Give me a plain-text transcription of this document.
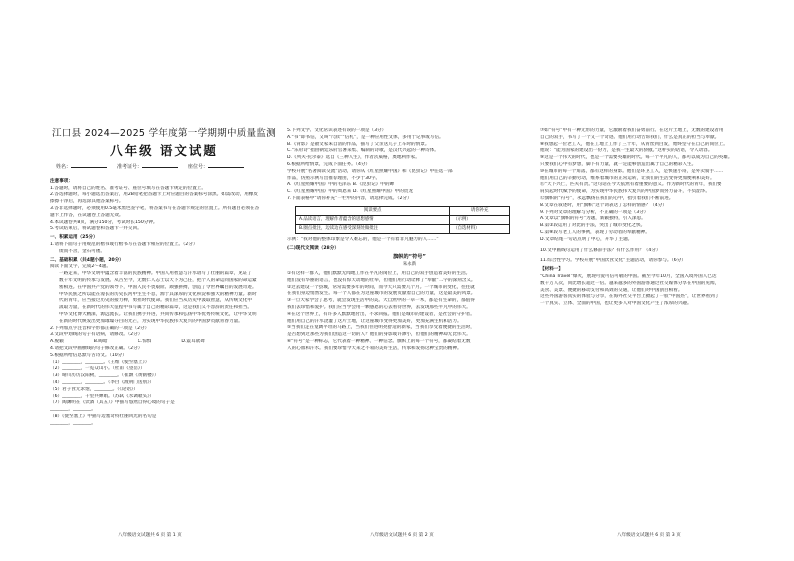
江口县 2024—2025 学年度第一学期期中质量监测
八年级 语文试题
姓名：	准考证号：	座位号：
注意事项：
1.答题时，请将自己的姓名、准考证号、座位号填写在答题卡规定的位置上。
2.答选择题时，每小题选出答案后，用2B铅笔把答题卡上对应题目的答案标号涂黑。如需改动，用橡皮
擦擦干净后，再选涂其他答案标号。
3.答非选择题时，必须使用0.5毫米黑色签字笔，将答案书写在答题卡规定的位置上。所有题目必须在答
题卡上作答，在试题卷上答题无效。
4.本试题卷共8页，满分150分，考试时长150分钟。
5.考试结束后，将试题卷和答题卡一并交回。
一、积累运用（25分）
1.请将下面句子用规范的楷书或行楷书写在答题卡相应的位置上。（2分）
锲而不舍，金石可镂。
二、基础积累（共4题小题，20分）
阅读下面文字，完成2～4题。
一路走来，中华文明中蕴含着丰富的民族精神。中国人用智慧与汗水谱写了壮丽的篇章，见证了
数千年文明的传承与发展。从古至今，无数仁人志士以天下为己任，把个人的命运同国家的命运紧
密相连。在中国共产党的领导下，中国人民不畏艰险、顽强拼搏，创造了令世界瞩目的发展奇迹。
中华民族之所以能在漫长的历史长河中生生不息，源于其深厚的文化积淀和强大的精神力量。新时
代的青年，应当接过历史的接力棒，勇担时代使命。我们应当从历史中汲取智慧，从传统文化中
汲取力量，在新时代的伟大征程中书写属于自己的精彩篇章，这是我们义不容辞的责任和担当。
中华文化博大精深，源远流长。让我们携手并进，共同传承和弘扬中华优秀传统文化，让中华文明
在新的时代焕发出更加璀璨夺目的光芒，为实现中华民族伟大复兴的中国梦贡献青春力量。
2.下列加点字注音和字形都正确的一项是（2分）
3.文段中划线的句子有语病，请修改。（2分）
A.脱颖	B.晦暗	C.惊惧	D.震耳欲聋
4.请把文段中画横线的句子修改正确。（2分）
5.根据所给信息默写古诗文。（10分）
（1）________，________。（王维《使至塞上》）
（2）________，一览众山小。（杜甫《望岳》）
（3）晴川历历汉阳树，________。（崔颢《黄鹤楼》）
（4）________，________。（李白《渡荆门送别》）
（5）君子食无求饱，________。（《论语》）
（6）________，千里共婵娟。（苏轼《水调歌头》）
（7）陶渊明在《饮酒（其五）》中描写悠然自得心境的句子是
________，________。
（8）《使至塞上》中描写边塞奇特壮丽风光的名句是
________，________。
5.下列文学、文化常识表述有误的一项是（3分）
A.“书”即书信，又叫“尺牍”“信札”，是一种应用性文体，多用于记事或写信。
B.《背影》是散文家朱自清的作品，描写了父亲送儿子上车时的情景。
C.“乐府诗”指由朝廷乐府官署采集、编制的诗歌，是汉代兴起的一种诗体。
D.《列夫·托尔泰》选自《三种人生》，作者茨威格，奥地利作家。
6.根据所给情景，完成下面任务。（4分）
学校开展“名著阅读交流”活动，请你从《红星照耀中国》和《昆虫记》中任选一部
作品，仿照示例写出推荐理由，不少于30字。
A.《红星照耀中国》中的毛泽东 B.《昆虫记》中的蝉
C.《红星照耀中国》中的周恩来 D.《红星照耀中国》中的贺龙
7.下面表格中“请你补充”一栏中的内容，请选择完成。（2分）
阅读要点	请你补充
A.品读语言，理解作者蕴含的思想感情	（示例）
B.圈点批注，边读边在感受深刻处做批注	（自选材料）
示例：“我对他的整体印象是令人难忘的，他是一个有着非凡魅力的人……”
(二)现代文阅读（28分）
旗帜的“符号”
朱永新
①有这样一群人，他们默默无闻地工作在平凡的岗位上，用自己的双手创造着美好的生活。
他们没有华丽的语言，也没有惊天动地的壮举，但他们用行动诠释了“奉献”二字的深刻含义。
②过去建设一个县城，常常需要多年的时间，而今天只需要几个月。一个城市的变化，往往就
在我们身边悄然发生。每一个人都在为这座城市的发展贡献着自己的力量，这是最美的风景。
③一旦大家学会了思考，就会发现生活中的美。大自然中的一草一木，都是有生命的，都值得
我们去珍惜和爱护。我们应当学会用一颗感恩的心去看待世界，去发现那些平凡中的伟大。
④在这个世界上，有许多人默默地付出，不求回报。他们是城市的建设者，是社会的守护者。
他们用自己的汗水浇灌了这片土地，让这座城市变得更加美好，更加充满生机和活力。
⑤当我们走在宽阔平坦的马路上，当我们住进明亮舒适的新家，当我们享受着便捷的生活时，
是否想到过那些为我们创造这一切的人？他们的身影或许渺小，但他们的精神却无比伟大。
⑥“符号”是一种标志，它代表着一种精神、一种信念。旗帜上的每一个符号，都凝结着无数
人的心血和汗水。我们要珍惜今天来之不易的美好生活，传承和发扬这种宝贵的精神。
⑦如“符号”中有一种无形的力量，它激励着我们奋勇前行。在这片土地上，无数的建设者用
自己的双手，书写了一个又一个奇迹。他们用行动告诉我们，什么是真正的担当与奉献。
⑧我想起一位老工人，他在工地上工作了三十年，从青丝到白发，始终坚守在自己的岗位上。
他说：“能为国家的建设出一份力，是我一生最大的骄傲。”这朴实的话语，令人动容。
⑨这是一个伟大的时代，也是一个需要英雄的时代。每一个平凡的人，都可以成为自己的英雄。
只要我们心中有梦想，脚下有力量，就一定能够创造出属于自己的精彩人生。
⑩在城市的每一个角落，都有这样的身影。他们是环卫工人，是快递小哥，是外卖骑手……
他们用自己的辛勤劳动，维系着城市的正常运转，让我们的生活变得更加便利和美好。
⑪“天下兴亡，匹夫有责。”这句话在今天依然有着重要的意义。作为新时代的青年，我们要
肩负起时代赋予的使命，为实现中华民族伟大复兴的中国梦而努力奋斗，不负韶华。
⑫旗帜的“符号”，永远飘扬在我们的心中，指引着我们不断前进。
8.文章在叙述时，用“旗帜”这个词表达了怎样的情感？（4分）
9.下列对文章的理解与分析，不正确的一项是（3分）
A.文章以“旗帜的符号”为题，新颖独特，引人深思。
B.第②段运用了对比的手法，突出了城市变化之快。
C.第⑧段写老工人的事例，表现了劳动者的奉献精神。
D.文章结尾一句话点明了中心，升华了主题。
10.文中画线句运用了什么修辞手法？有什么作用？（4分）
11.综合性学习。学校开展“中国饮食文化”主题活动，请你参与。（6分）
【材料一】
“China Travel”爆火，展现可爱可信可敬的中国。截至今年10月，全国入境外国人已达
数千万人次，同比增长超过一倍。越来越多的外国游客通过社交媒体分享在中国的见闻，
美食、美景、便捷的移动支付和高效的交通，让他们对中国刮目相看。
这些外国游客真实的体验与分享，在海外社交平台上掀起了一股“中国热”，让世界看到了
一个真实、立体、全面的中国，也让更多人对中国文化产生了浓厚的兴趣。
八年级语文试题共 6 页 第 1 页	八年级语文试题共 6 页 第 2 页	八年级语文试题共 6 页 第 3 页
